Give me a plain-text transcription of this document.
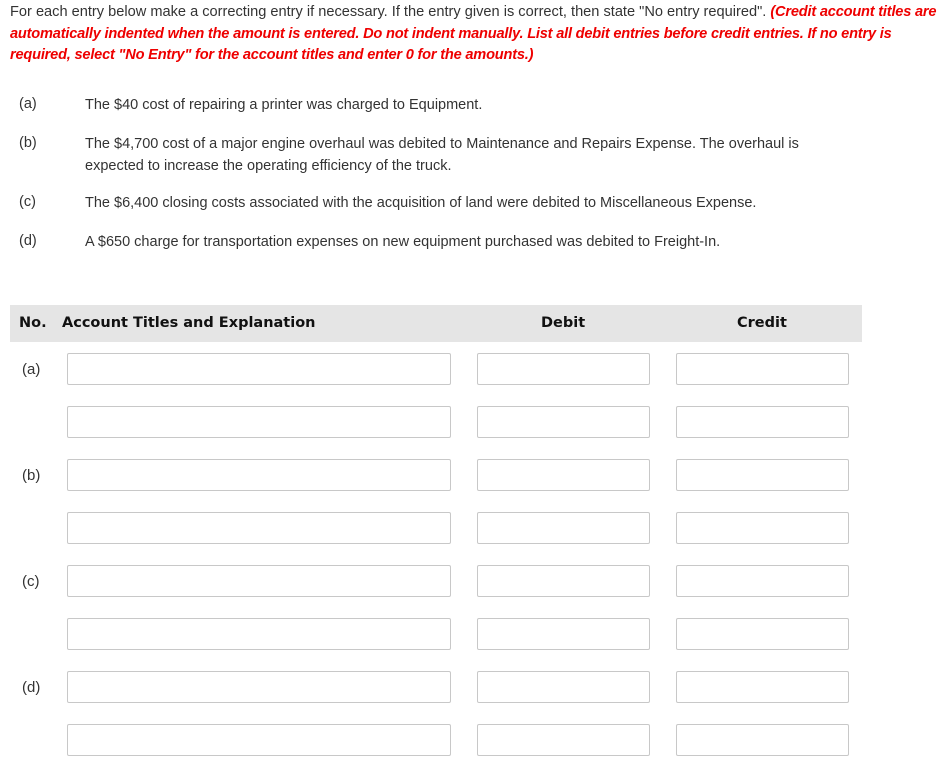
For each entry below make a correcting entry if necessary. If the entry given is correct, then state "No entry required". (Credit account titles are automatically indented when the amount is entered. Do not indent manually. List all debit entries before credit entries. If no entry is required, select "No Entry" for the account titles and enter 0 for the amounts.)
(a)	The $40 cost of repairing a printer was charged to Equipment.
(b)	The $4,700 cost of a major engine overhaul was debited to Maintenance and Repairs Expense. The overhaul is expected to increase the operating efficiency of the truck.
(c)	The $6,400 closing costs associated with the acquisition of land were debited to Miscellaneous Expense.
(d)	A $650 charge for transportation expenses on new equipment purchased was debited to Freight-In.
No. Account Titles and Explanation	Debit	Credit
(a)
(b)
(c)
(d)
